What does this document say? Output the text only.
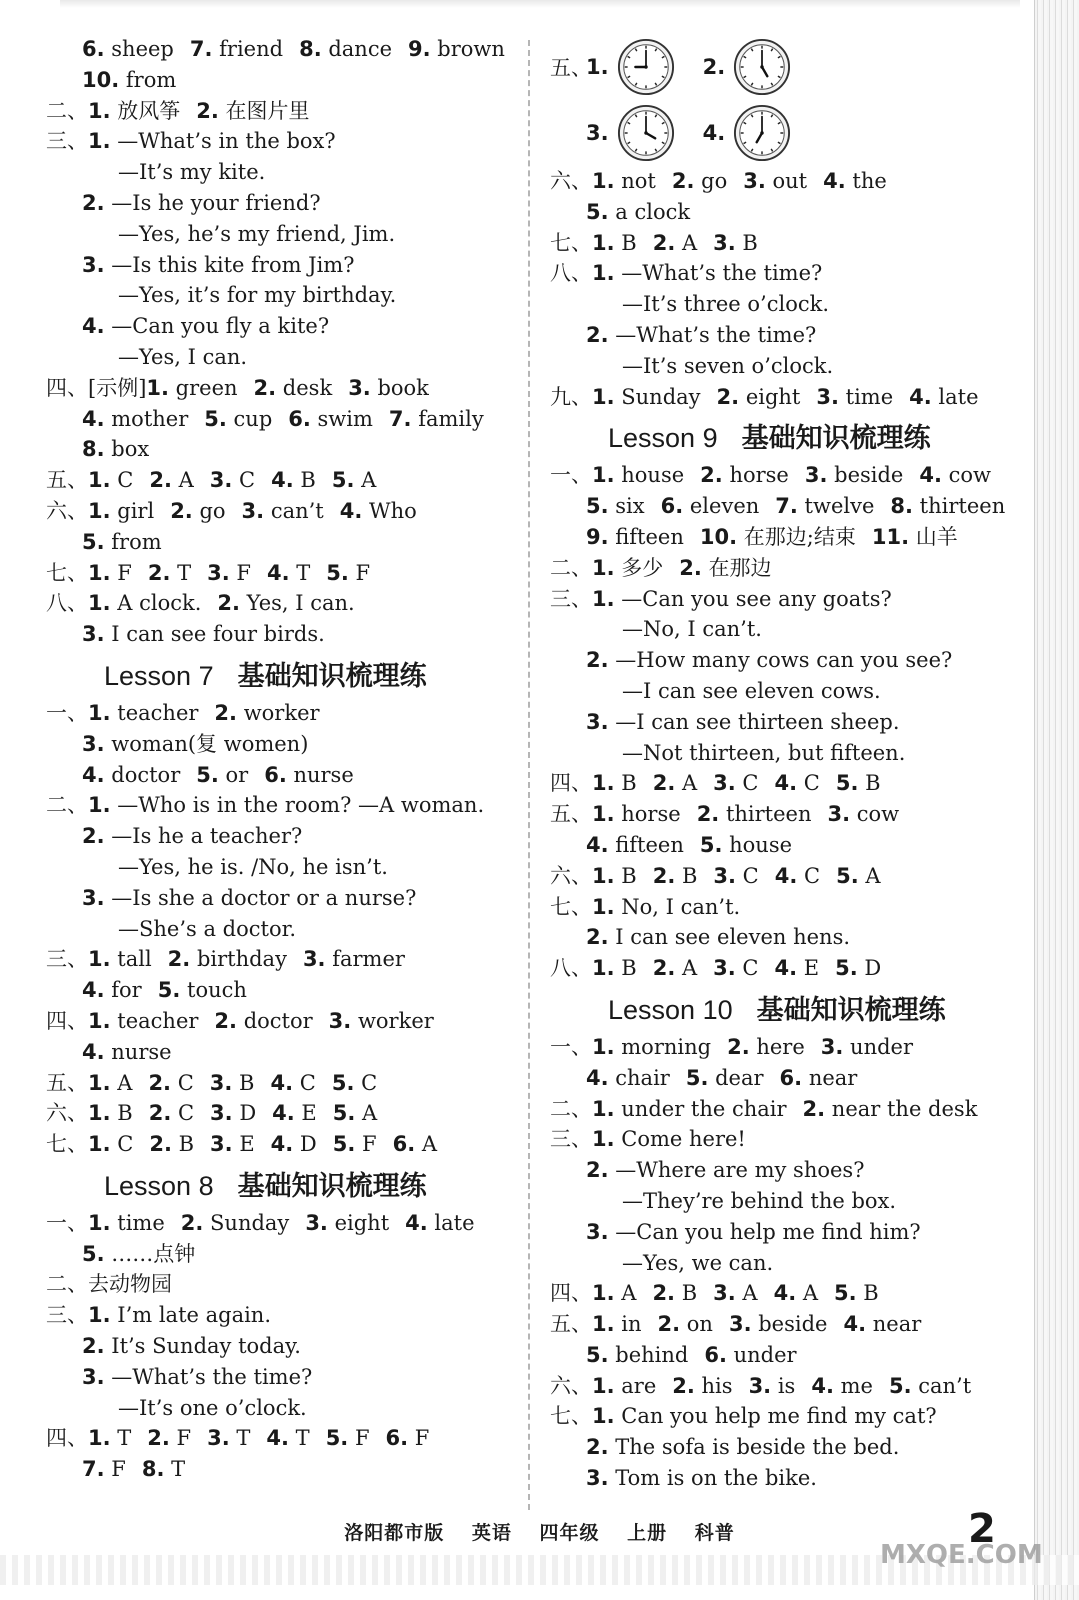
6. sheep 7. friend 8. dance 9. brown
10. from
二、1. 放风筝 2. 在图片里
三、1. —What’s in the box?
—It’s my kite.
2. —Is he your friend?
—Yes, he’s my friend, Jim.
3. —Is this kite from Jim?
—Yes, it’s for my birthday.
4. —Can you fly a kite?
—Yes, I can.
四、[示例]1. green 2. desk 3. book
4. mother 5. cup 6. swim 7. family
8. box
五、1. C 2. A 3. C 4. B 5. A
六、1. girl 2. go 3. can’t 4. Who
5. from
七、1. F 2. T 3. F 4. T 5. F
八、1. A clock. 2. Yes, I can.
3. I can see four birds.
Lesson 7 基础知识梳理练
一、1. teacher 2. worker
3. woman(复 women)
4. doctor 5. or 6. nurse
二、1. —Who is in the room? —A woman.
2. —Is he a teacher?
—Yes, he is. /No, he isn’t.
3. —Is she a doctor or a nurse?
—She’s a doctor.
三、1. tall 2. birthday 3. farmer
4. for 5. touch
四、1. teacher 2. doctor 3. worker
4. nurse
五、1. A 2. C 3. B 4. C 5. C
六、1. B 2. C 3. D 4. E 5. A
七、1. C 2. B 3. E 4. D 5. F 6. A
Lesson 8 基础知识梳理练
一、1. time 2. Sunday 3. eight 4. late
5. ……点钟
二、去动物园
三、1. I’m late again.
2. It’s Sunday today.
3. —What’s the time?
—It’s one o’clock.
四、1. T 2. F 3. T 4. T 5. F 6. F
7. F 8. T
五、
1.	2.
3.	4.
六、1. not 2. go 3. out 4. the
5. a clock
七、1. B 2. A 3. B
八、1. —What’s the time?
—It’s three o’clock.
2. —What’s the time?
—It’s seven o’clock.
九、1. Sunday 2. eight 3. time 4. late
Lesson 9 基础知识梳理练
一、1. house 2. horse 3. beside 4. cow
5. six 6. eleven 7. twelve 8. thirteen
9. fifteen 10. 在那边;结束 11. 山羊
二、1. 多少 2. 在那边
三、1. —Can you see any goats?
—No, I can’t.
2. —How many cows can you see?
—I can see eleven cows.
3. —I can see thirteen sheep.
—Not thirteen, but fifteen.
四、1. B 2. A 3. C 4. C 5. B
五、1. horse 2. thirteen 3. cow
4. fifteen 5. house
六、1. B 2. B 3. C 4. C 5. A
七、1. No, I can’t.
2. I can see eleven hens.
八、1. B 2. A 3. C 4. E 5. D
Lesson 10 基础知识梳理练
一、1. morning 2. here 3. under
4. chair 5. dear 6. near
二、1. under the chair 2. near the desk
三、1. Come here!
2. —Where are my shoes?
—They’re behind the box.
3. —Can you help me find him?
—Yes, we can.
四、1. A 2. B 3. A 4. A 5. B
五、1. in 2. on 3. beside 4. near
5. behind 6. under
六、1. are 2. his 3. is 4. me 5. can’t
七、1. Can you help me find my cat?
2. The sofa is beside the bed.
3. Tom is on the bike.
洛阳都市版 英语 四年级 上册 科普	2
MXQE.COM
